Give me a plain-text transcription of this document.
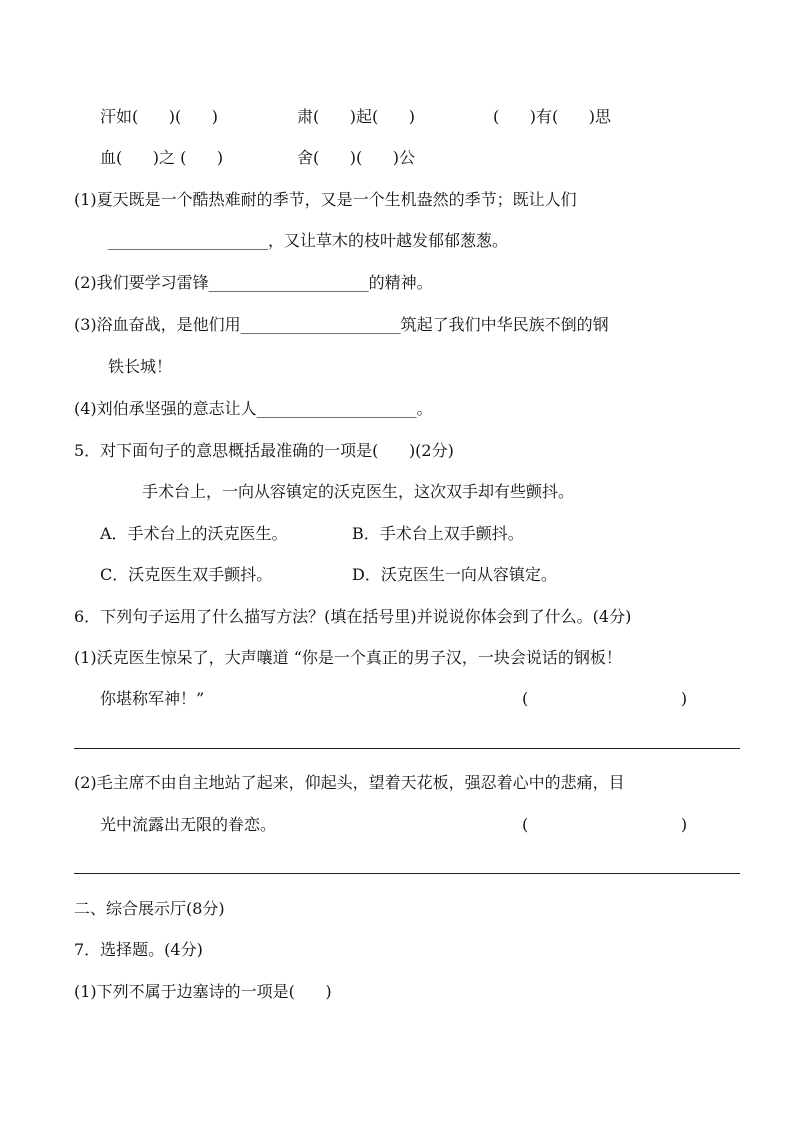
汗如(      )(      )	肃(      )起(      )	(      )有(      )思
血(      )之 (      )	舍(      )(      )公
(1)夏天既是一个酷热难耐的季节，又是一个生机盎然的季节；既让人们
____________________，又让草木的枝叶越发郁郁葱葱。
(2)我们要学习雷锋____________________的精神。
(3)浴血奋战，是他们用____________________筑起了我们中华民族不倒的钢
铁长城！
(4)刘伯承坚强的意志让人____________________。
5．对下面句子的意思概括最准确的一项是(      )(2分)
手术台上，一向从容镇定的沃克医生，这次双手却有些颤抖。
A．手术台上的沃克医生。	B．手术台上双手颤抖。
C．沃克医生双手颤抖。	D．沃克医生一向从容镇定。
6．下列句子运用了什么描写方法？(填在括号里)并说说你体会到了什么。(4分)
(1)沃克医生惊呆了，大声嚷道 “你是一个真正的男子汉，一块会说话的钢板！
你堪称军神！”	(                              )
(2)毛主席不由自主地站了起来，仰起头，望着天花板，强忍着心中的悲痛，目
光中流露出无限的眷恋。	(                              )
二、综合展示厅(8分)
7．选择题。(4分)
(1)下列不属于边塞诗的一项是(      )
